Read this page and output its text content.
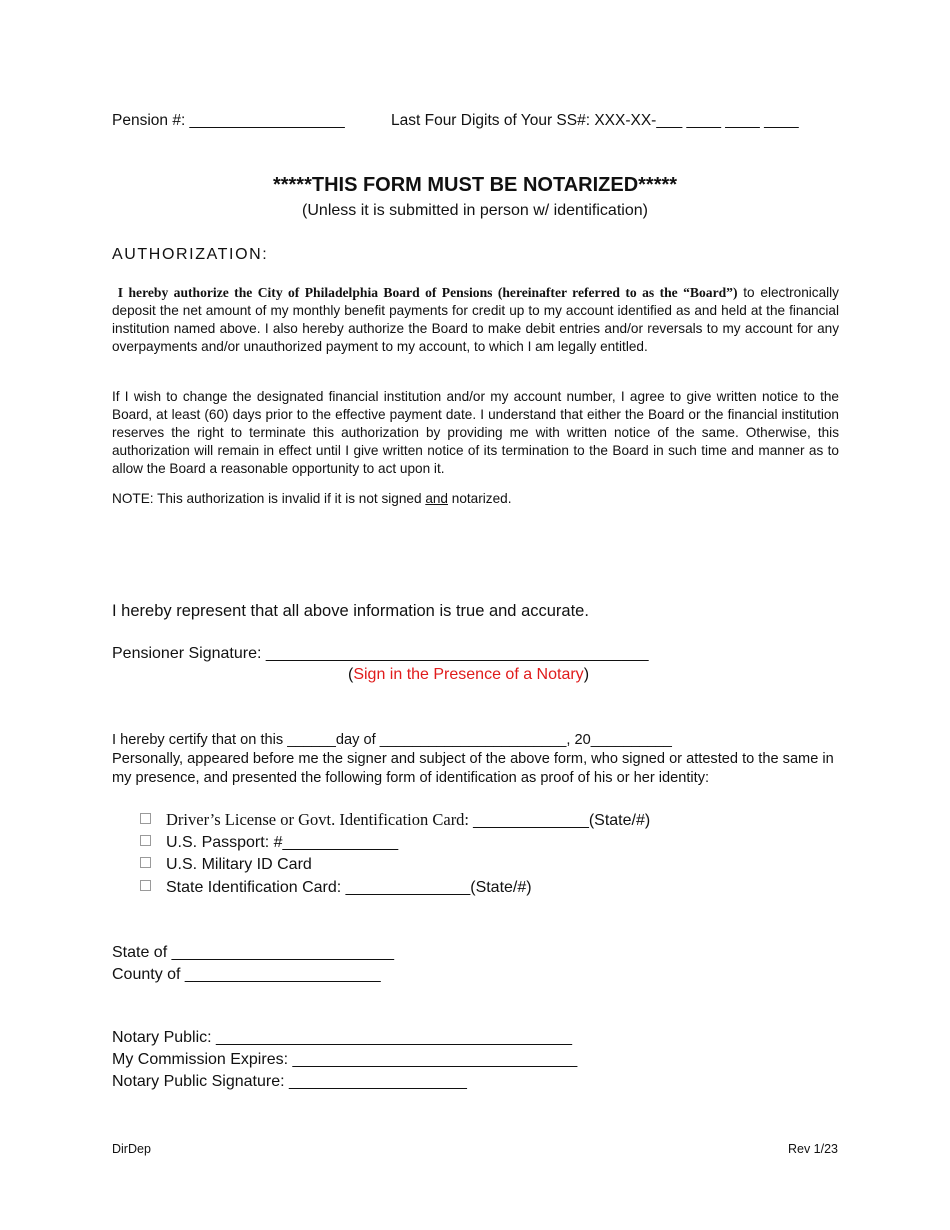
Pension #: __________________	Last Four Digits of Your SS#: XXX-XX-___ ____ ____ ____
*****THIS FORM MUST BE NOTARIZED*****
(Unless it is submitted in person w/ identification)
AUTHORIZATION:
I hereby authorize the City of Philadelphia Board of Pensions (hereinafter referred to as the “Board”) to electronically deposit the net amount of my monthly benefit payments for credit up to my account identified as and held at the financial institution named above. I also hereby authorize the Board to make debit entries and/or reversals to my account for any overpayments and/or unauthorized payment to my account, to which I am legally entitled.
If I wish to change the designated financial institution and/or my account number, I agree to give written notice to the Board, at least (60) days prior to the effective payment date. I understand that either the Board or the financial institution reserves the right to terminate this authorization by providing me with written notice of the same. Otherwise, this authorization will remain in effect until I give written notice of its termination to the Board in such time and manner as to allow the Board a reasonable opportunity to act upon it.
NOTE: This authorization is invalid if it is not signed and notarized.
I hereby represent that all above information is true and accurate.
Pensioner Signature: ___________________________________________
(Sign in the Presence of a Notary)
I hereby certify that on this ______day of _______________________, 20__________
Personally, appeared before me the signer and subject of the above form, who signed or attested to the same in my presence, and presented the following form of identification as proof of his or her identity:
Driver’s License or Govt. Identification Card: _____________(State/#)
U.S. Passport: #_____________
U.S. Military ID Card
State Identification Card: ______________(State/#)
State of _________________________
County of ______________________
Notary Public: ________________________________________
My Commission Expires: ________________________________
Notary Public Signature: ____________________
DirDep	Rev 1/23
